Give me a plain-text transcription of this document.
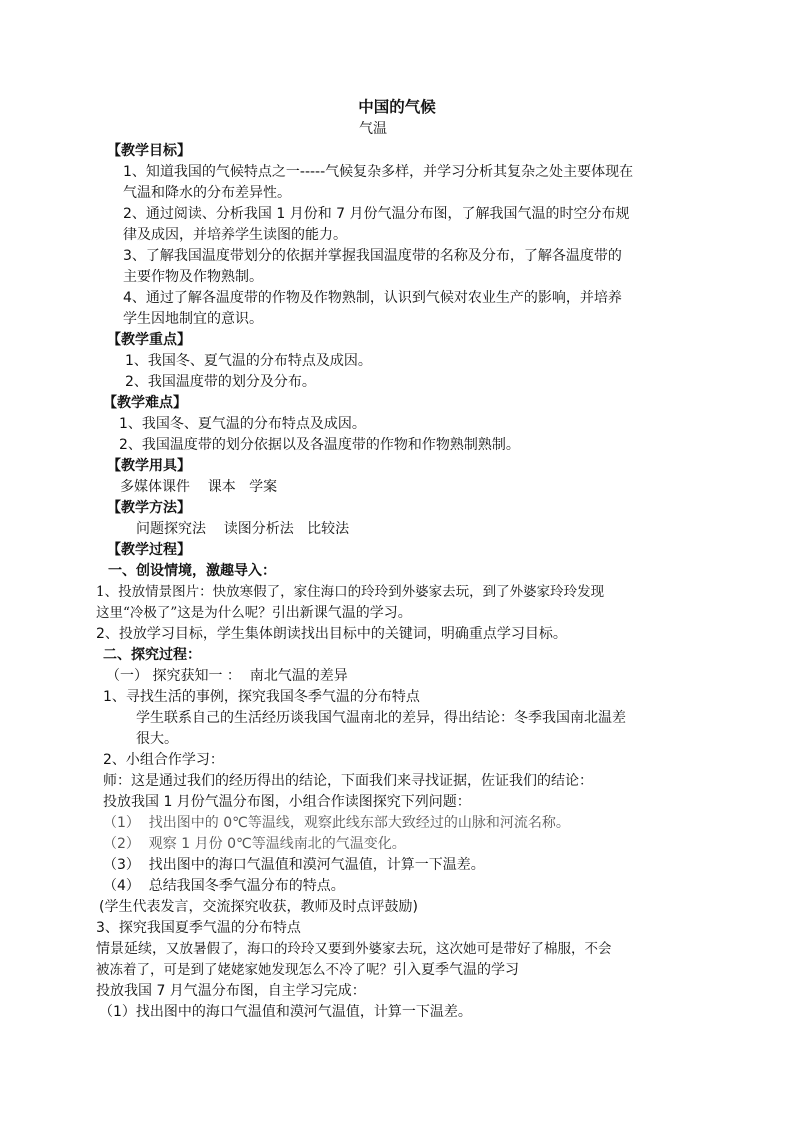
中国的气候
气温
【教学目标】
1、知道我国的气候特点之一-----气候复杂多样，并学习分析其复杂之处主要体现在
气温和降水的分布差异性。
2、通过阅读、分析我国 1 月份和 7 月份气温分布图，了解我国气温的时空分布规
律及成因，并培养学生读图的能力。
3、了解我国温度带划分的依据并掌握我国温度带的名称及分布，了解各温度带的
主要作物及作物熟制。
4、通过了解各温度带的作物及作物熟制，认识到气候对农业生产的影响，并培养
学生因地制宜的意识。
【教学重点】
1、我国冬、夏气温的分布特点及成因。
2、我国温度带的划分及分布。
【教学难点】
1、我国冬、夏气温的分布特点及成因。
2、我国温度带的划分依据以及各温度带的作物和作物熟制熟制。
【教学用具】
多媒体课件    课本   学案
【教学方法】
问题探究法    读图分析法   比较法
【教学过程】
一、创设情境，激趣导入：
1、投放情景图片：快放寒假了，家住海口的玲玲到外婆家去玩，到了外婆家玲玲发现
这里“冷极了”这是为什么呢？引出新课气温的学习。
2、投放学习目标，学生集体朗读找出目标中的关键词，明确重点学习目标。
二、探究过程：
（一） 探究获知一 ：  南北气温的差异
1、寻找生活的事例，探究我国冬季气温的分布特点
学生联系自己的生活经历谈我国气温南北的差异，得出结论：冬季我国南北温差
很大。
2、小组合作学习：
师：这是通过我们的经历得出的结论，下面我们来寻找证据，佐证我们的结论：
投放我国 1 月份气温分布图，小组合作读图探究下列问题：
（1）  找出图中的 0℃等温线，观察此线东部大致经过的山脉和河流名称。
（2）  观察 1 月份 0℃等温线南北的气温变化。
（3）  找出图中的海口气温值和漠河气温值，计算一下温差。
（4）  总结我国冬季气温分布的特点。
(学生代表发言，交流探究收获，教师及时点评鼓励)
3、探究我国夏季气温的分布特点
情景延续，又放暑假了，海口的玲玲又要到外婆家去玩，这次她可是带好了棉服，不会
被冻着了，可是到了姥姥家她发现怎么不冷了呢？引入夏季气温的学习
投放我国 7 月气温分布图，自主学习完成：
（1）找出图中的海口气温值和漠河气温值，计算一下温差。
